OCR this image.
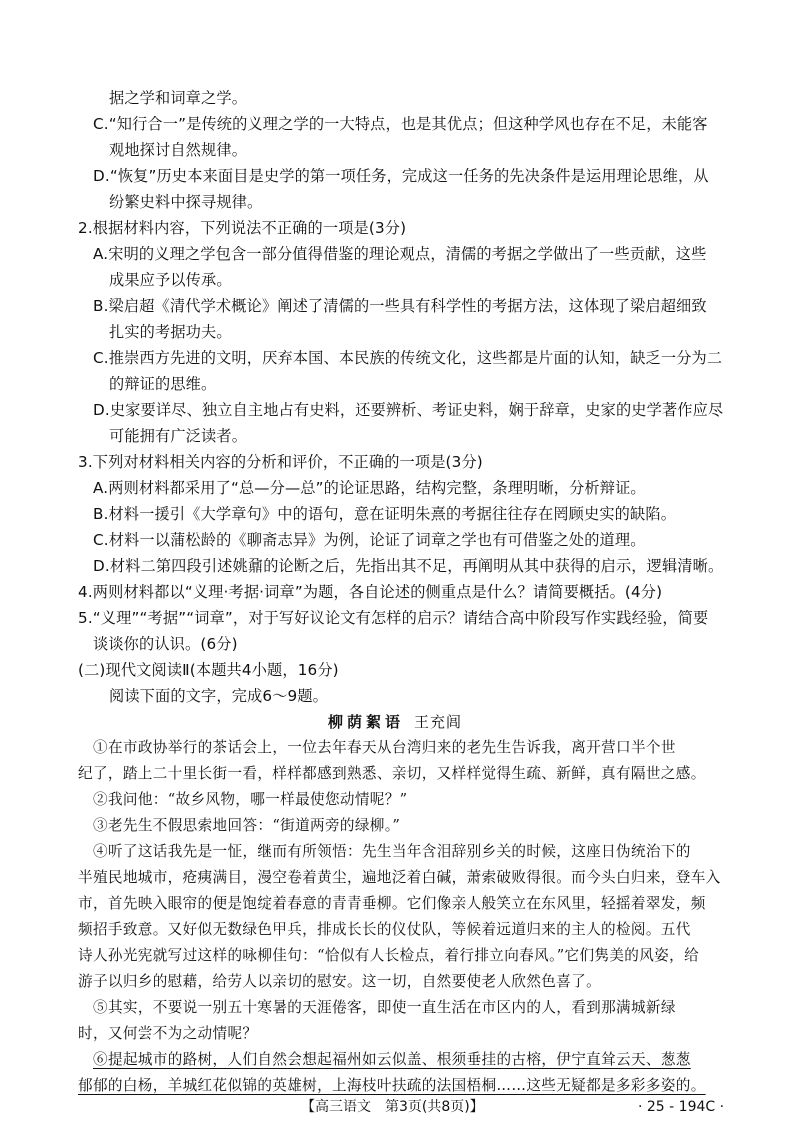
据之学和词章之学。
C.“知行合一”是传统的义理之学的一大特点，也是其优点；但这种学风也存在不足，未能客
观地探讨自然规律。
D.“恢复”历史本来面目是史学的第一项任务，完成这一任务的先决条件是运用理论思维，从
纷繁史料中探寻规律。
2.根据材料内容，下列说法不正确的一项是(3分)
A.宋明的义理之学包含一部分值得借鉴的理论观点，清儒的考据之学做出了一些贡献，这些
成果应予以传承。
B.梁启超《清代学术概论》阐述了清儒的一些具有科学性的考据方法，这体现了梁启超细致
扎实的考据功夫。
C.推崇西方先进的文明，厌弃本国、本民族的传统文化，这些都是片面的认知，缺乏一分为二
的辩证的思维。
D.史家要详尽、独立自主地占有史料，还要辨析、考证史料，娴于辞章，史家的史学著作应尽
可能拥有广泛读者。
3.下列对材料相关内容的分析和评价，不正确的一项是(3分)
A.两则材料都采用了“总—分—总”的论证思路，结构完整，条理明晰，分析辩证。
B.材料一援引《大学章句》中的语句，意在证明朱熹的考据往往存在罔顾史实的缺陷。
C.材料一以蒲松龄的《聊斋志异》为例，论证了词章之学也有可借鉴之处的道理。
D.材料二第四段引述姚鼐的论断之后，先指出其不足，再阐明从其中获得的启示，逻辑清晰。
4.两则材料都以“义理·考据·词章”为题，各自论述的侧重点是什么？请简要概括。(4分)
5.“义理”“考据”“词章”，对于写好议论文有怎样的启示？请结合高中阶段写作实践经验，简要
谈谈你的认识。(6分)
(二)现代文阅读Ⅱ(本题共4小题，16分)
阅读下面的文字，完成6～9题。
柳荫絮语 王充闾
①在市政协举行的茶话会上，一位去年春天从台湾归来的老先生告诉我，离开营口半个世
纪了，踏上二十里长街一看，样样都感到熟悉、亲切，又样样觉得生疏、新鲜，真有隔世之感。
②我问他：“故乡风物，哪一样最使您动情呢？”
③老先生不假思索地回答：“街道两旁的绿柳。”
④听了这话我先是一怔，继而有所领悟：先生当年含泪辞别乡关的时候，这座日伪统治下的
半殖民地城市，疮痍满目，漫空卷着黄尘，遍地泛着白碱，萧索破败得很。而今头白归来，登车入
市，首先映入眼帘的便是饱绽着春意的青青垂柳。它们像亲人般笑立在东风里，轻摇着翠发，频
频招手致意。又好似无数绿色甲兵，排成长长的仪仗队，等候着远道归来的主人的检阅。五代
诗人孙光宪就写过这样的咏柳佳句：“恰似有人长检点，着行排立向春风。”它们隽美的风姿，给
游子以归乡的慰藉，给劳人以亲切的慰安。这一切，自然要使老人欣然色喜了。
⑤其实，不要说一别五十寒暑的天涯倦客，即使一直生活在市区内的人，看到那满城新绿
时，又何尝不为之动情呢？
⑥提起城市的路树，人们自然会想起福州如云似盖、根须垂挂的古榕，伊宁直耸云天、葱葱
郁郁的白杨，羊城红花似锦的英雄树，上海枝叶扶疏的法国梧桐……这些无疑都是多彩多姿的。
【高三语文　第3页(共8页)】	· 25 - 194C ·
